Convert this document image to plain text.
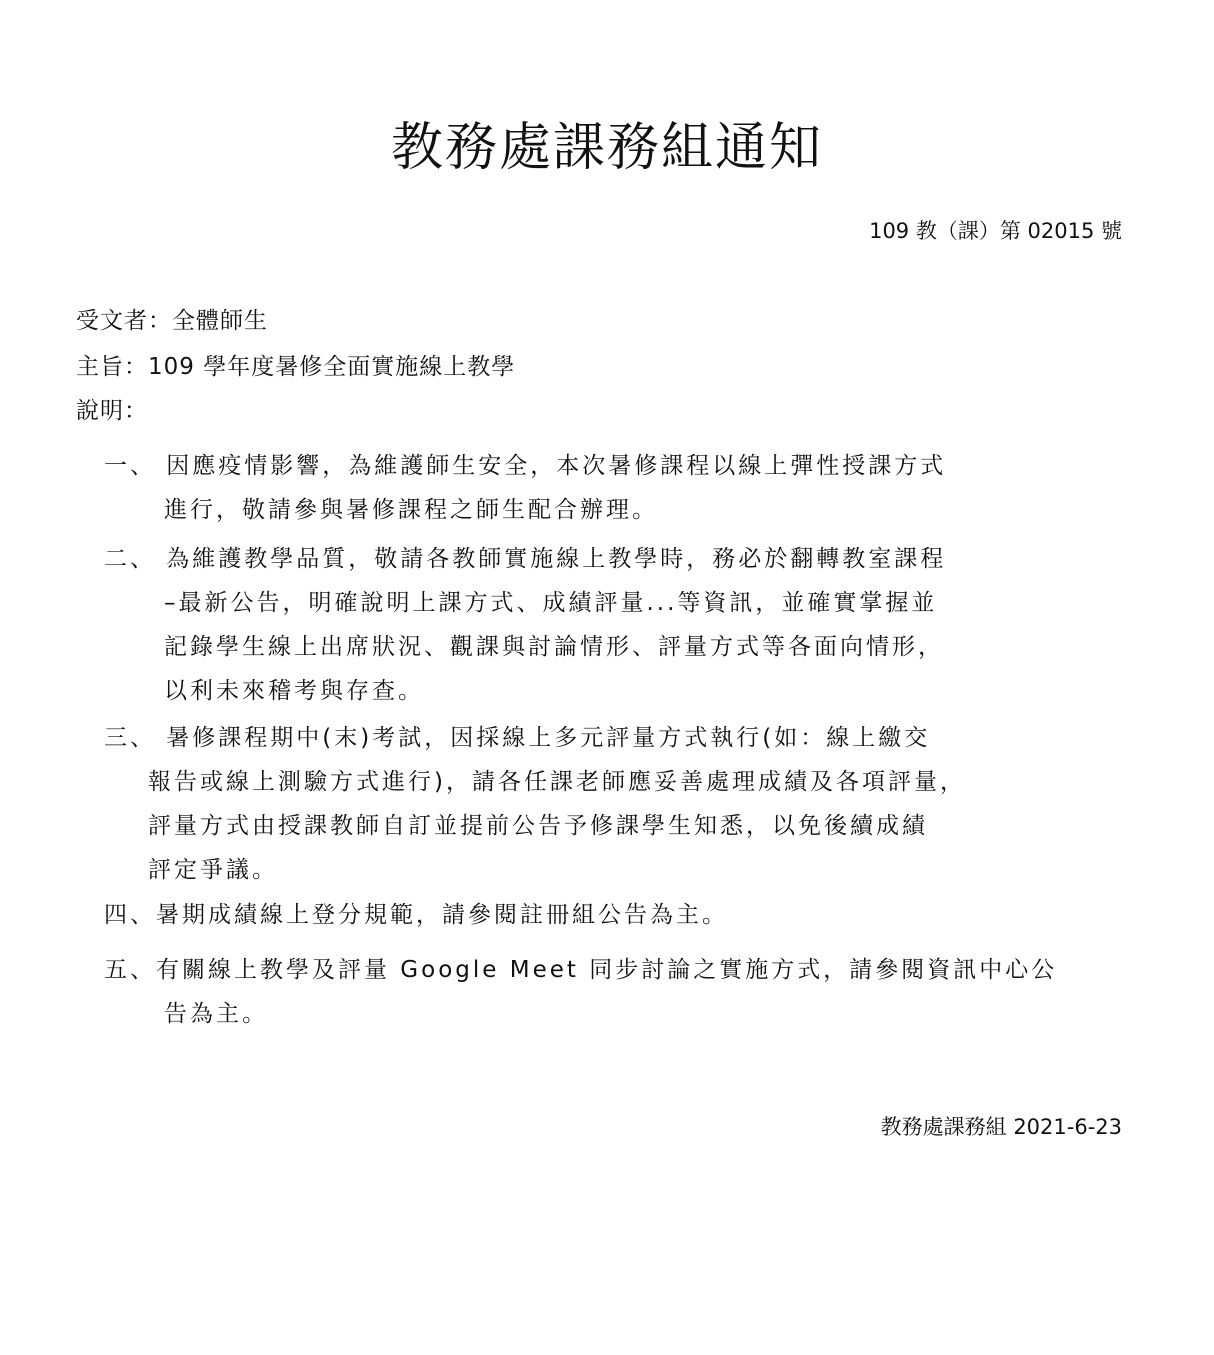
教務處課務組通知
109 教（課）第 02015 號
受文者：全體師生
主旨：109 學年度暑修全面實施線上教學
說明：
一、 因應疫情影響，為維護師生安全，本次暑修課程以線上彈性授課方式
進行，敬請參與暑修課程之師生配合辦理。
二、 為維護教學品質，敬請各教師實施線上教學時，務必於翻轉教室課程
–最新公告，明確說明上課方式、成績評量...等資訊，並確實掌握並
記錄學生線上出席狀況、觀課與討論情形、評量方式等各面向情形，
以利未來稽考與存查。
三、 暑修課程期中(末)考試，因採線上多元評量方式執行(如：線上繳交
報告或線上測驗方式進行)，請各任課老師應妥善處理成績及各項評量，
評量方式由授課教師自訂並提前公告予修課學生知悉，以免後續成績
評定爭議。
四、暑期成績線上登分規範，請參閱註冊組公告為主。
五、有關線上教學及評量 Google Meet 同步討論之實施方式，請參閱資訊中心公
告為主。
教務處課務組 2021-6-23
